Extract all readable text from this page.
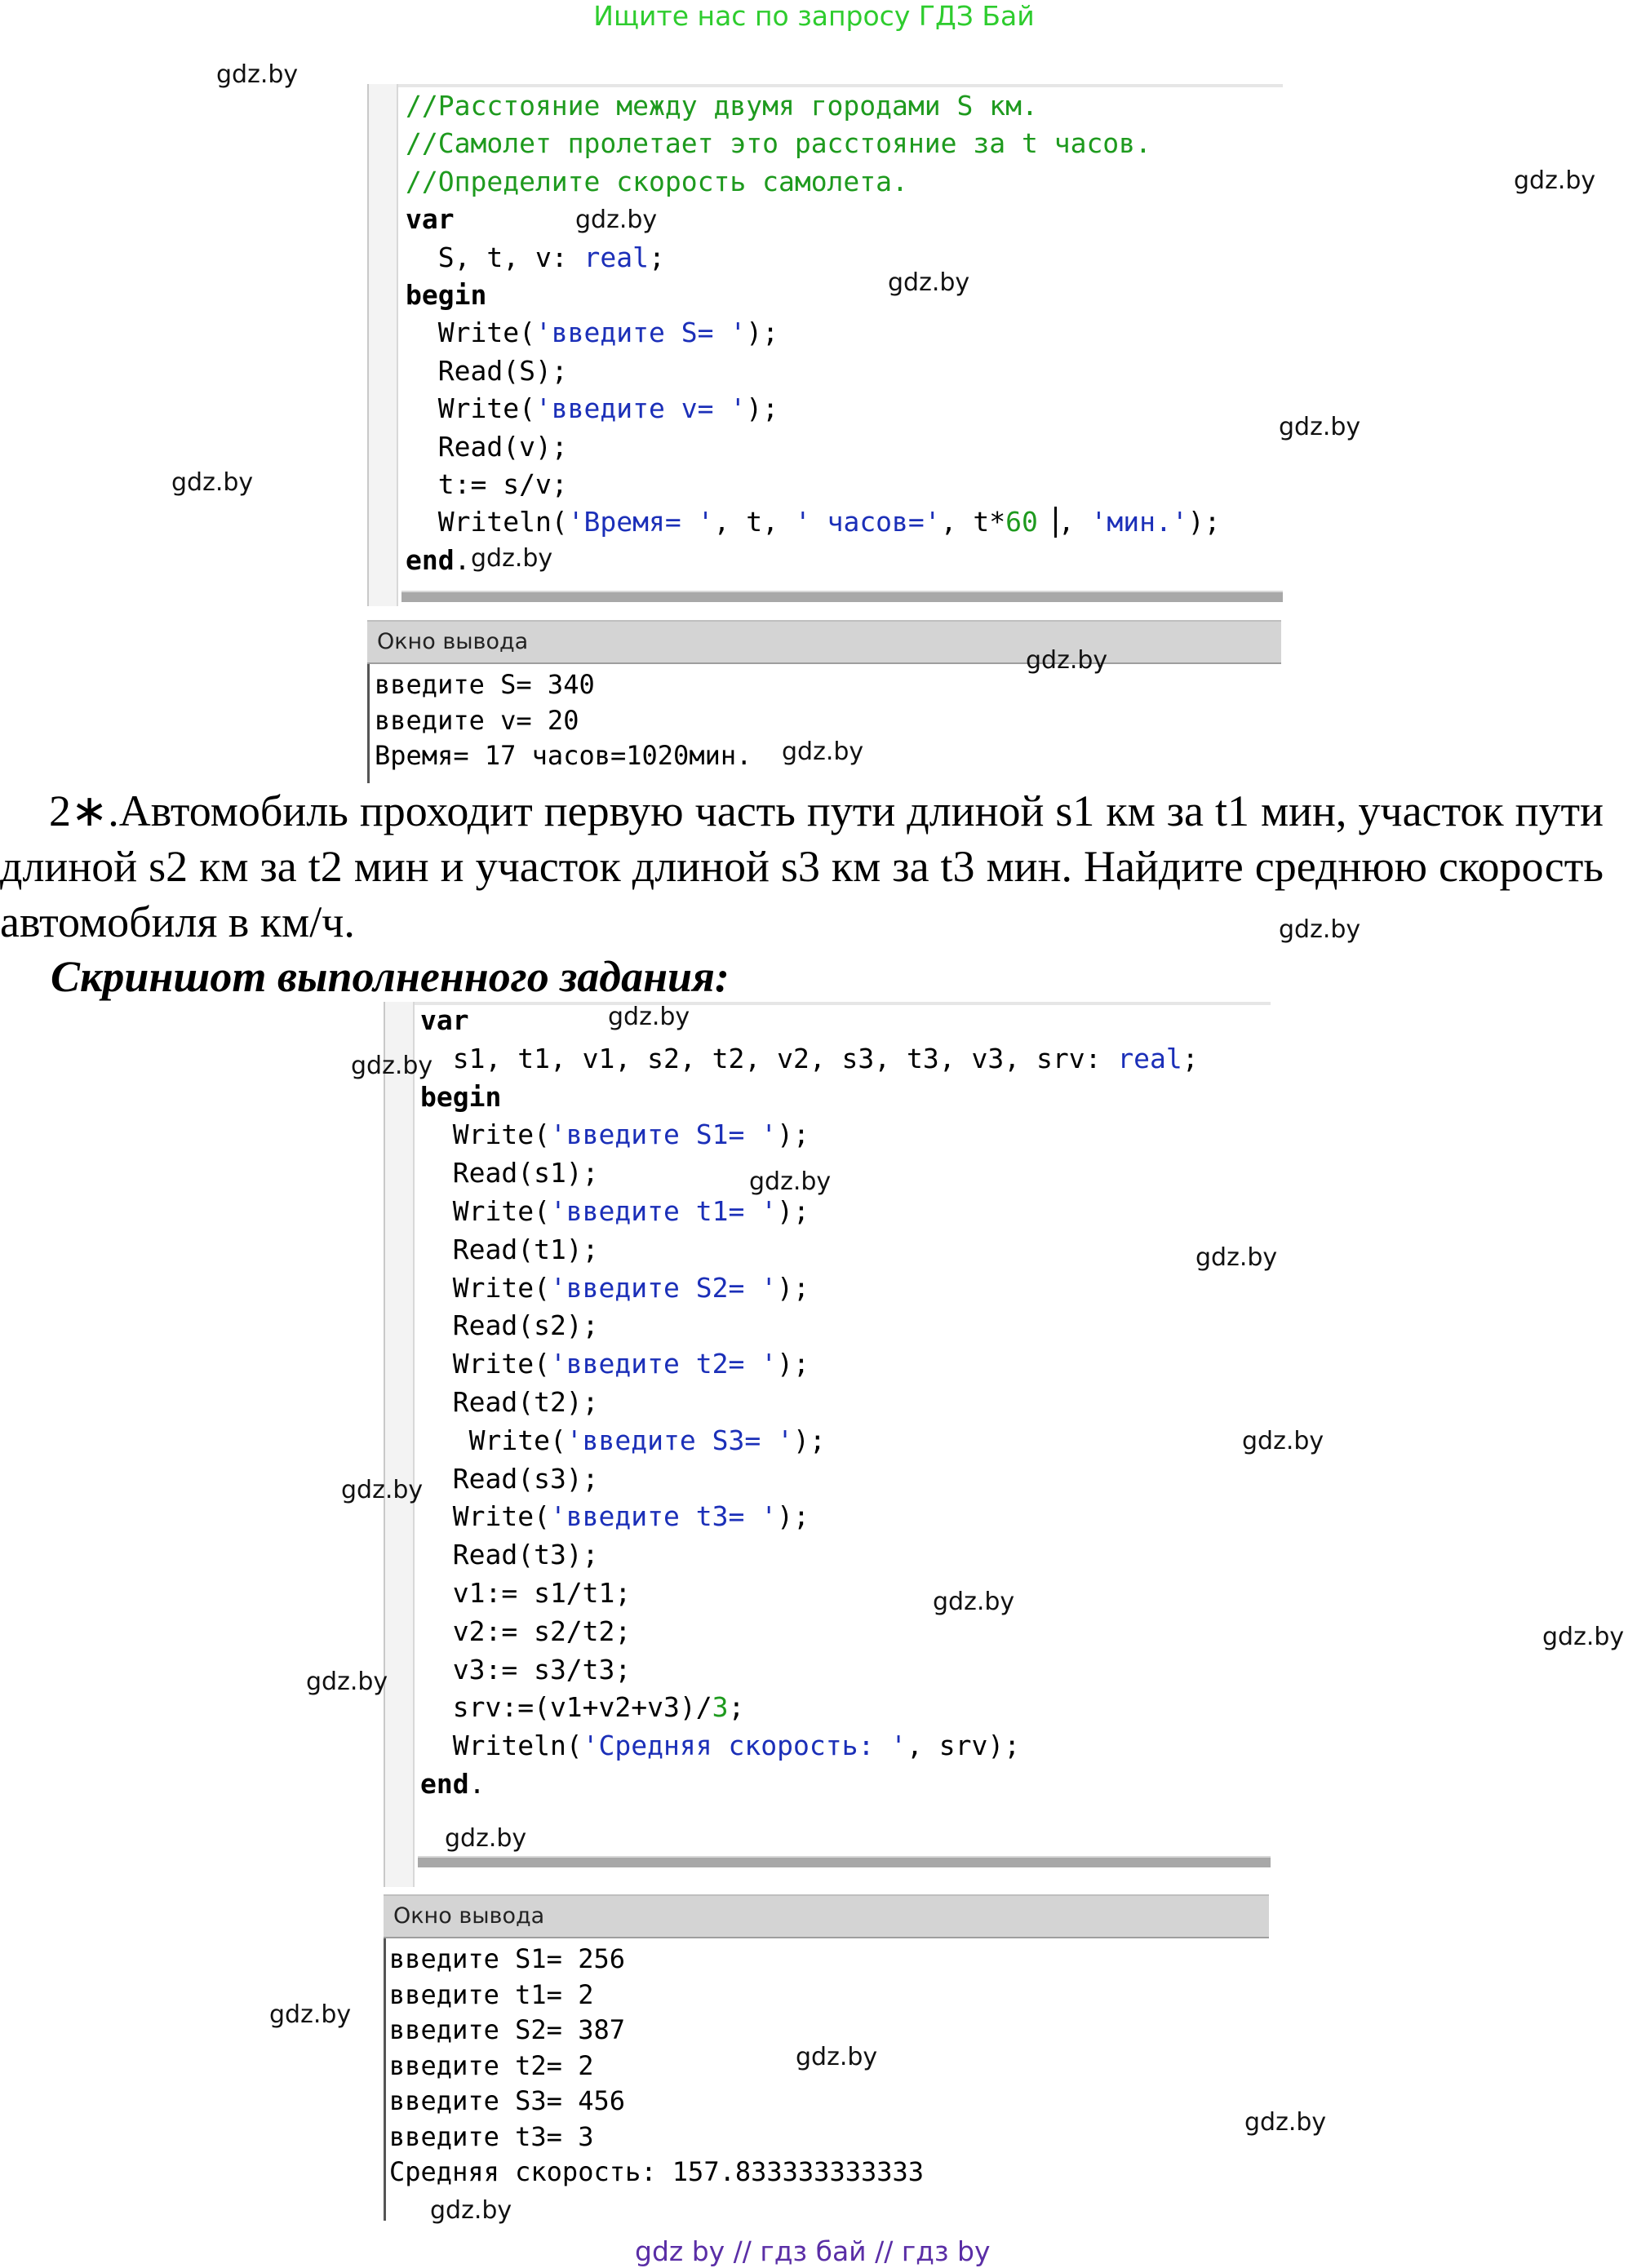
Ищите нас по запросу ГДЗ Бай
//Расстояние между двумя городами S км.
//Самолет пролетает это расстояние за t часов.
//Определите скорость самолета.
var
S, t, v: real;
begin
Write('введите S= ');
Read(S);
Write('введите v= ');
Read(v);
t:= s/v;
Writeln('Время= ', t, ' часов=', t*60 , 'мин.');
end.
Окно вывода
введите S= 340
введите v= 20
Время= 17 часов=1020мин.
2∗.Автомобиль проходит первую часть пути длиной s1 км за t1 мин, участок пути длиной s2 км за t2 мин и участок длиной s3 км за t3 мин. Найдите среднюю скорость автомобиля в км/ч.
Скриншот выполненного задания:
var
s1, t1, v1, s2, t2, v2, s3, t3, v3, srv: real;
begin
Write('введите S1= ');
Read(s1);
Write('введите t1= ');
Read(t1);
Write('введите S2= ');
Read(s2);
Write('введите t2= ');
Read(t2);
Write('введите S3= ');
Read(s3);
Write('введите t3= ');
Read(t3);
v1:= s1/t1;
v2:= s2/t2;
v3:= s3/t3;
srv:=(v1+v2+v3)/3;
Writeln('Средняя скорость: ', srv);
end.
Окно вывода
введите S1= 256
введите t1= 2
введите S2= 387
введите t2= 2
введите S3= 456
введите t3= 3
Средняя скорость: 157.833333333333
gdz.by
gdz.by
gdz.by
gdz.by
gdz.by
gdz.by
gdz.by
gdz.by
gdz.by
gdz.by
gdz.by
gdz.by
gdz.by
gdz.by
gdz.by
gdz.by
gdz.by
gdz.by
gdz.by
gdz.by
gdz.by
gdz.by
gdz.by
gdz.by
gdz by // гдз бай // гдз by
